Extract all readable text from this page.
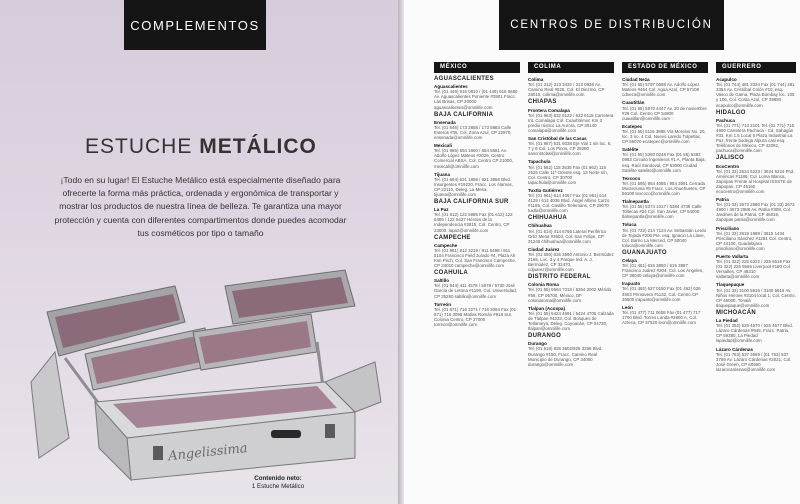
COMPLEMENTOS
ESTUCHE METÁLICO
¡Todo en su lugar! El Estuche Metálico está especialmente diseñado para ofrecerte la forma más práctica, ordenada y ergonómica de transportar y mostrar los productos de nuestra línea de belleza. Te garantiza una mayor protección y cuenta con diferentes compartimentos donde puedes acomodar tus cosméticos por tipo o tamaño
Angelissima
Contenido neto:
1 Estuche Metálico
CENTROS DE DISTRIBUCIÓN
MÉXICO
AGUASCALIENTES
Aguascalientes
Tel. (01 449) 915 0810 / (01 449) 915 0680 Av. Aguascalientes Poniente #3501 Fracc. Las Brisas, CP 20000 aguascalientes@omnilife.com
BAJA CALIFORNIA
Ensenada
Tel. (01 646) 173 2858 / 173 5883 Calle Esteros #35, Col. Zona Azul, CP 22870, ensenada@omnilife.com
Mexicali
Tel. (01 686) 554 1660 / 554 5581 Av. Adolfo López Mateos #2026, Centro Comercial ABSA, Col. Centro CP 21000, mexicali@omnilife.com
Tijuana
Tel. (01 664) 621 1859 / 621 3858 Blvd. Insurgentes #19220, Fracc. Los Álamos, CP 22110, Deleg. La Mesa, tijuana@omnilife.com
BAJA CALIFORNIA SUR
La Paz
Tel. (01 612) 122 5985 Fax (01 612) 122 5485 / 122 5437 Héroes de la Independencia #2815, Col. Centro, CP 23000, lapaz@omnilife.com
CAMPECHE
Campeche
Tel. (01 981) 812 3219 / 811 5498 / 811 5104 Francisco Field Jurado #4, Plaza Ah Kim Pech, Col. San Francisco Campeche, CP 24010 campeche@omnilife.com
COAHUILA
Saltillo
Tel. (01 844) 411 4578 / 5578 / 5730 José García de Letona #1190, Col. Universidad, CP 25260 saltillo@omnilife.com
Torreón
Tel. (01 871) 716 3271 / 716 3094 Fax (01 871) 716 3095 Matías Román #918 Sur, Colonia Centro, CP 27000 torreon@omnilife.com
COLIMA
Colima
Tel. (01 312) 313 3432 / 313 0938 Av. Camino Real #525, Col. El Diezmo, CP 28010, colima@omnilife.com
CHIAPAS
Frontera Comalapa
Tel. (01 963) 632 6122 / 632 6115 Carretera Int. Comalapa Col. Cuauhtémoc Km 3 predio rústico La Aurora, CP 30140 comalapa@omnilife.com
San Cristóbal de las Casas
Tel. (01 967) 631 6038 Eje Vial 1 sin loc. 6, 7 y 8 Col. Los Pinos, CP 29290 sancristobal@omnilife.com
Tapachula
Tel. (01 962) 118 2535 Fax (01 962) 118 2525 Calle 11ª Oriente esq. 13 Norte s/n, Col. Centro, CP 30700 tapachula@omnilife.com
Tuxtla Gutiérrez
Tel. (01 961) 614 4057 Fax (01 961) 614 4128 / 614 4036 Blvd. Ángel Albino Corzo #1185, Col. Castillo Tielemans, CP 29070 tuxtla@omnilife.com
CHIHUAHUA
Chihuahua
Tel. (01 614) 414 6766 Lateral Periférico Ortiz Mena #3603, Col. San Felipe, CP 31240 chihuahua@omnilife.com
Ciudad Juárez
Tel. (01 656) 625 3590 Antonio J. Bermúdez 2165, Loc. 3 y 4 Parque Ind. A. J. Bermúdez, CP 32470, cdjuarez@omnilife.com
DISTRITO FEDERAL
Colonia Roma
Tel. (01 55) 5564 7318 / 5264 2002 Mérida #59, CP 06700, México, DF coloniaroma@omnilife.com
Tlalpan (Acoxpa)
Tel. (01 55) 5424 4691 / 5424 4705 Calzada de Tlalpan #4233, Col. Bosques de Tetlameya, Deleg. Coyoacán, CP 04730, tlalpan@omnilife.com
DURANGO
Durango
Tel. (01 618) 825 3602/825 3298 Blvd. Durango #150, Fracc. Camino Real Municipio de Durango, CP 34000 durango@omnilife.com
ESTADO DE MÉXICO
Ciudad Neza
Tel. (01 55) 5797 0698 Av. Adolfo López Mateos #464 Col. Agua Azul, CP 57108 cdneza@omnilife.com
Cuautitlán
Tel. (01 55) 5870 4447 Av. 20 de noviembre #29 Col. Centro CP 54800 cuautitlan@omnilife.com
Ecatepec
Tel. (01 55) 5116 3885 Vía Morelos No. 20, loc. 3 no. 4 Col. Nuevo Laredo Tulpetlac, CP 55070 ecatepec@omnilife.com
Satélite
Tel. (01 55) 5393 0248 Fax (01 55) 5393 0963 Circuito Ingenieros #1 A, Planta Baja, esq. Raúl Sandoval, CP 53000 Ciudad Satélite satelite@omnilife.com
Texcoco
Tel. (01 595) 954 4085 / 954 3591 Cerrada Moctezuma #5 Fracc. Los Ahuehuetes, CP 56100 texcoco@omnilife.com
Tlalnepantla
Tel. (01 55) 5374 1017 / 5384 4736 Calle Toltecas #34 Col. San Javier, CP 54000 tlalnepantla@omnilife.com
Toluca
Tel. (01 722) 214 7124 Av. Sebastián Lerdo de Tejada #206 Pte. esq. Ignacio La Llave, Col. Barrio La Merced, CP 50040 toluca@omnilife.com
GUANAJUATO
Celaya
Tel. (01 461) 615 3850 / 615 3887 Francisco Juárez #204, Col. Los Ángeles, CP 38040 celaya@omnilife.com
Irapuato
Tel. (01 462) 627 0150 Fax (01 462) 626 4503 Primavera #1132, Col. Centro CP 36500 irapuato@omnilife.com
León
Tel. (01 477) 711 0608 Fax (01 477) 717 1700 Blvd. Torres Landa #2600 A, Col. Azteca, CP 37520 leon@omnilife.com
GUERRERO
Acapulco
Tel. (01 744) 481 3334 Fax (01 744) 481 3354 Av. Cristóbal Colón #10, esq. Vasco de Gama, Plaza Bombay loc. 105 y 106, Col. Costa Azul, CP 39850 acapulco@omnilife.com
HIDALGO
Pachuca
Tel. (01 771) 713 2101 Tel. (01 771) 715 4900 Carretera Pachuca - Cd. Sahagún #33, Km 1.5 Local 6 Plaza Industrial La Paz, frente bodega Alpura casi esq. Teléfonos de México, CP 42092, pachuca@omnilife.com
JALISCO
EcoCentro
Tel. (01 33) 3624 5223 / 3624 5224 Prol. Américas #1186, Col. Loma Blanca, Zapopan Frente al Hospital ISSSTE de Zapopan, CP 45160 ecocentro@omnilife.com
Patria
Tel. (01 33) 3673 2880 Fax (01 33) 3673 4900 / 3673 2988 Av. Patria #308, Col. Jardines de la Patria, CP 45019, Zapopan patria@omnilife.com
Prisciliano
Tel. (01 33) 3619 1989 / 3615 1434 Prisciliano Sánchez #1281 Col. Centro, CP 44100, Guadalajara prisciliano@omnilife.com
Puerto Vallarta
Tel. (01 322) 225 6322 / 225 6518 Fax (01 322) 225 6565 Liverpool #180 Col. Versalles, CP 48310 vallarta@omnilife.com
Tlaquepaque
Tel. (01 33) 3100 5916 / 3100 5919 Av. Niños Héroes #3104 local 1, Col. Centro, CP 45000, Tonalá tlaquepaque@omnilife.com
MICHOACÁN
La Piedad
Tel. (01 352) 525 4670 / 525 4677 Blvd. Lázaro Cárdenas #945, Fracc. Patria, CP 59380, La Piedad lapiedad@omnilife.com
Lázaro Cárdenas
Tel. (01 753) 537 3669 / (01 753) 537 3789 Av. Lázaro Cárdenas #2021, Col. José Green, CP 60950 lazarocardenas@omnilife.com
